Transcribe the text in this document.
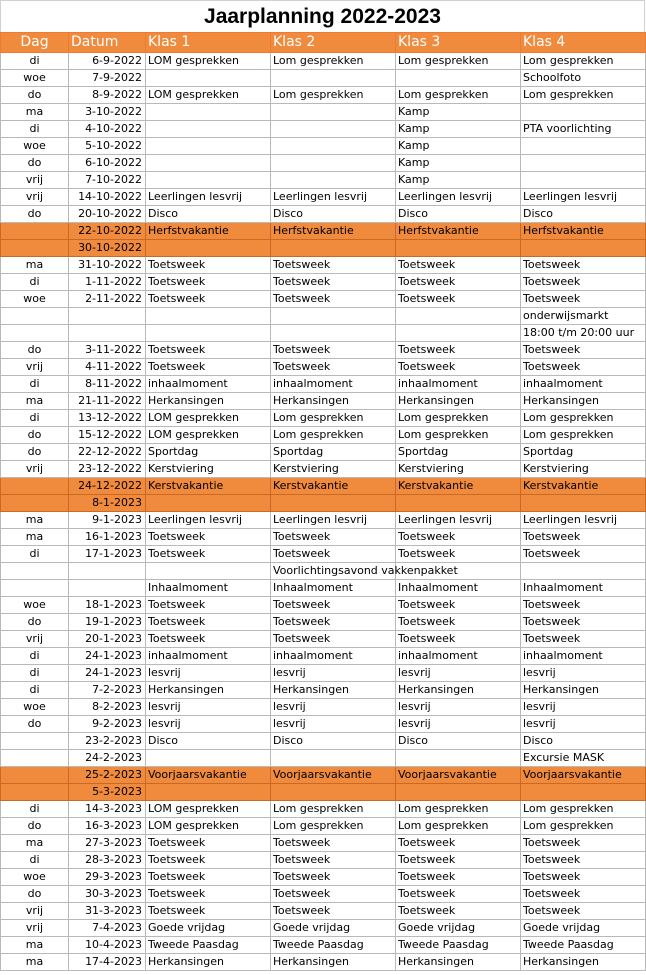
Jaarplanning 2022-2023
Dag	Datum	Klas 1	Klas 2	Klas 3	Klas 4
di	6-9-2022	LOM gesprekken	Lom gesprekken	Lom gesprekken	Lom gesprekken
woe	7-9-2022				Schoolfoto
do	8-9-2022	LOM gesprekken	Lom gesprekken	Lom gesprekken	Lom gesprekken
ma	3-10-2022			Kamp	
di	4-10-2022			Kamp	PTA voorlichting
woe	5-10-2022			Kamp	
do	6-10-2022			Kamp	
vrij	7-10-2022			Kamp	
vrij	14-10-2022	Leerlingen lesvrij	Leerlingen lesvrij	Leerlingen lesvrij	Leerlingen lesvrij
do	20-10-2022	Disco	Disco	Disco	Disco
	22-10-2022	Herfstvakantie	Herfstvakantie	Herfstvakantie	Herfstvakantie
	30-10-2022				
ma	31-10-2022	Toetsweek	Toetsweek	Toetsweek	Toetsweek
di	1-11-2022	Toetsweek	Toetsweek	Toetsweek	Toetsweek
woe	2-11-2022	Toetsweek	Toetsweek	Toetsweek	Toetsweek
					onderwijsmarkt
					18:00 t/m 20:00 uur
do	3-11-2022	Toetsweek	Toetsweek	Toetsweek	Toetsweek
vrij	4-11-2022	Toetsweek	Toetsweek	Toetsweek	Toetsweek
di	8-11-2022	inhaalmoment	inhaalmoment	inhaalmoment	inhaalmoment
ma	21-11-2022	Herkansingen	Herkansingen	Herkansingen	Herkansingen
di	13-12-2022	LOM gesprekken	Lom gesprekken	Lom gesprekken	Lom gesprekken
do	15-12-2022	LOM gesprekken	Lom gesprekken	Lom gesprekken	Lom gesprekken
do	22-12-2022	Sportdag	Sportdag	Sportdag	Sportdag
vrij	23-12-2022	Kerstviering	Kerstviering	Kerstviering	Kerstviering
	24-12-2022	Kerstvakantie	Kerstvakantie	Kerstvakantie	Kerstvakantie
	8-1-2023				
ma	9-1-2023	Leerlingen lesvrij	Leerlingen lesvrij	Leerlingen lesvrij	Leerlingen lesvrij
ma	16-1-2023	Toetsweek	Toetsweek	Toetsweek	Toetsweek
di	17-1-2023	Toetsweek	Toetsweek	Toetsweek	Toetsweek
			Voorlichtingsavond vakkenpakket		
		Inhaalmoment	Inhaalmoment	Inhaalmoment	Inhaalmoment
woe	18-1-2023	Toetsweek	Toetsweek	Toetsweek	Toetsweek
do	19-1-2023	Toetsweek	Toetsweek	Toetsweek	Toetsweek
vrij	20-1-2023	Toetsweek	Toetsweek	Toetsweek	Toetsweek
di	24-1-2023	inhaalmoment	inhaalmoment	inhaalmoment	inhaalmoment
di	24-1-2023	lesvrij	lesvrij	lesvrij	lesvrij
di	7-2-2023	Herkansingen	Herkansingen	Herkansingen	Herkansingen
woe	8-2-2023	lesvrij	lesvrij	lesvrij	lesvrij
do	9-2-2023	lesvrij	lesvrij	lesvrij	lesvrij
	23-2-2023	Disco	Disco	Disco	Disco
	24-2-2023				Excursie MASK
	25-2-2023	Voorjaarsvakantie	Voorjaarsvakantie	Voorjaarsvakantie	Voorjaarsvakantie
	5-3-2023				
di	14-3-2023	LOM gesprekken	Lom gesprekken	Lom gesprekken	Lom gesprekken
do	16-3-2023	LOM gesprekken	Lom gesprekken	Lom gesprekken	Lom gesprekken
ma	27-3-2023	Toetsweek	Toetsweek	Toetsweek	Toetsweek
di	28-3-2023	Toetsweek	Toetsweek	Toetsweek	Toetsweek
woe	29-3-2023	Toetsweek	Toetsweek	Toetsweek	Toetsweek
do	30-3-2023	Toetsweek	Toetsweek	Toetsweek	Toetsweek
vrij	31-3-2023	Toetsweek	Toetsweek	Toetsweek	Toetsweek
vrij	7-4-2023	Goede vrijdag	Goede vrijdag	Goede vrijdag	Goede vrijdag
ma	10-4-2023	Tweede Paasdag	Tweede Paasdag	Tweede Paasdag	Tweede Paasdag
ma	17-4-2023	Herkansingen	Herkansingen	Herkansingen	Herkansingen
